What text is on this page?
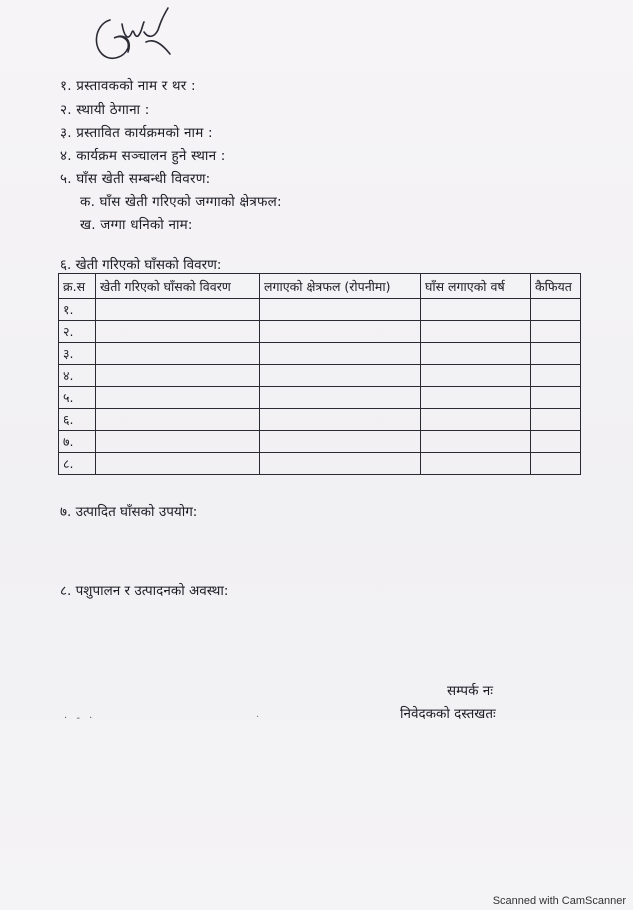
१. प्रस्तावकको नाम र थर :
२. स्थायी ठेगाना :
३. प्रस्तावित कार्यक्रमको नाम :
४. कार्यक्रम सञ्चालन हुने स्थान :
५. घाँस खेती सम्बन्धी विवरण:
क. घाँस खेती गरिएको जग्गाको क्षेत्रफल:
ख. जग्गा धनिको नाम:
६. खेती गरिएको घाँसको विवरण:
क्र.स	खेती गरिएको घाँसको विवरण	लगाएको क्षेत्रफल (रोपनीमा)	घाँस लगाएको वर्ष	कैफियत
१.				
२.				
३.				
४.				
५.				
६.				
७.				
८.				
७. उत्पादित घाँसको उपयोग:
८. पशुपालन र उत्पादनको अवस्था:
सम्पर्क नः
निवेदकको दस्तखतः
· ‑ ·	·
Scanned with CamScanner
